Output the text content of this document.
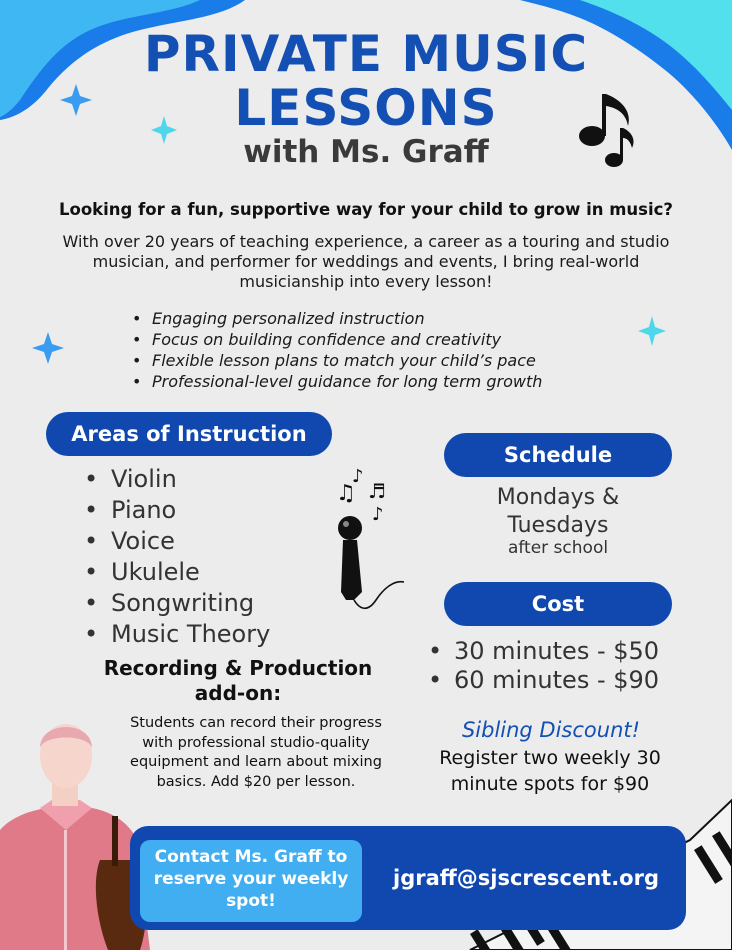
♫
♪
♬
♪
PRIVATE MUSIC
LESSONS
with Ms. Graff
Looking for a fun, supportive way for your child to grow in music?
With over 20 years of teaching experience, a career as a touring and studio musician, and performer for weddings and events, I bring real-world musicianship into every lesson!
• Engaging personalized instruction
• Focus on building confidence and creativity
• Flexible lesson plans to match your child’s pace
• Professional-level guidance for long term growth
Areas of Instruction
• Violin
• Piano
• Voice
• Ukulele
• Songwriting
• Music Theory
Recording & Production add-on:
Students can record their progress with professional studio-quality equipment and learn about mixing basics. Add $20 per lesson.
Schedule
Mondays & Tuesdays
after school
Cost
• 30 minutes - $50
• 60 minutes - $90
Sibling Discount!
Register two weekly 30 minute spots for $90
Contact Ms. Graff to reserve your weekly spot!
jgraff@sjscrescent.org
